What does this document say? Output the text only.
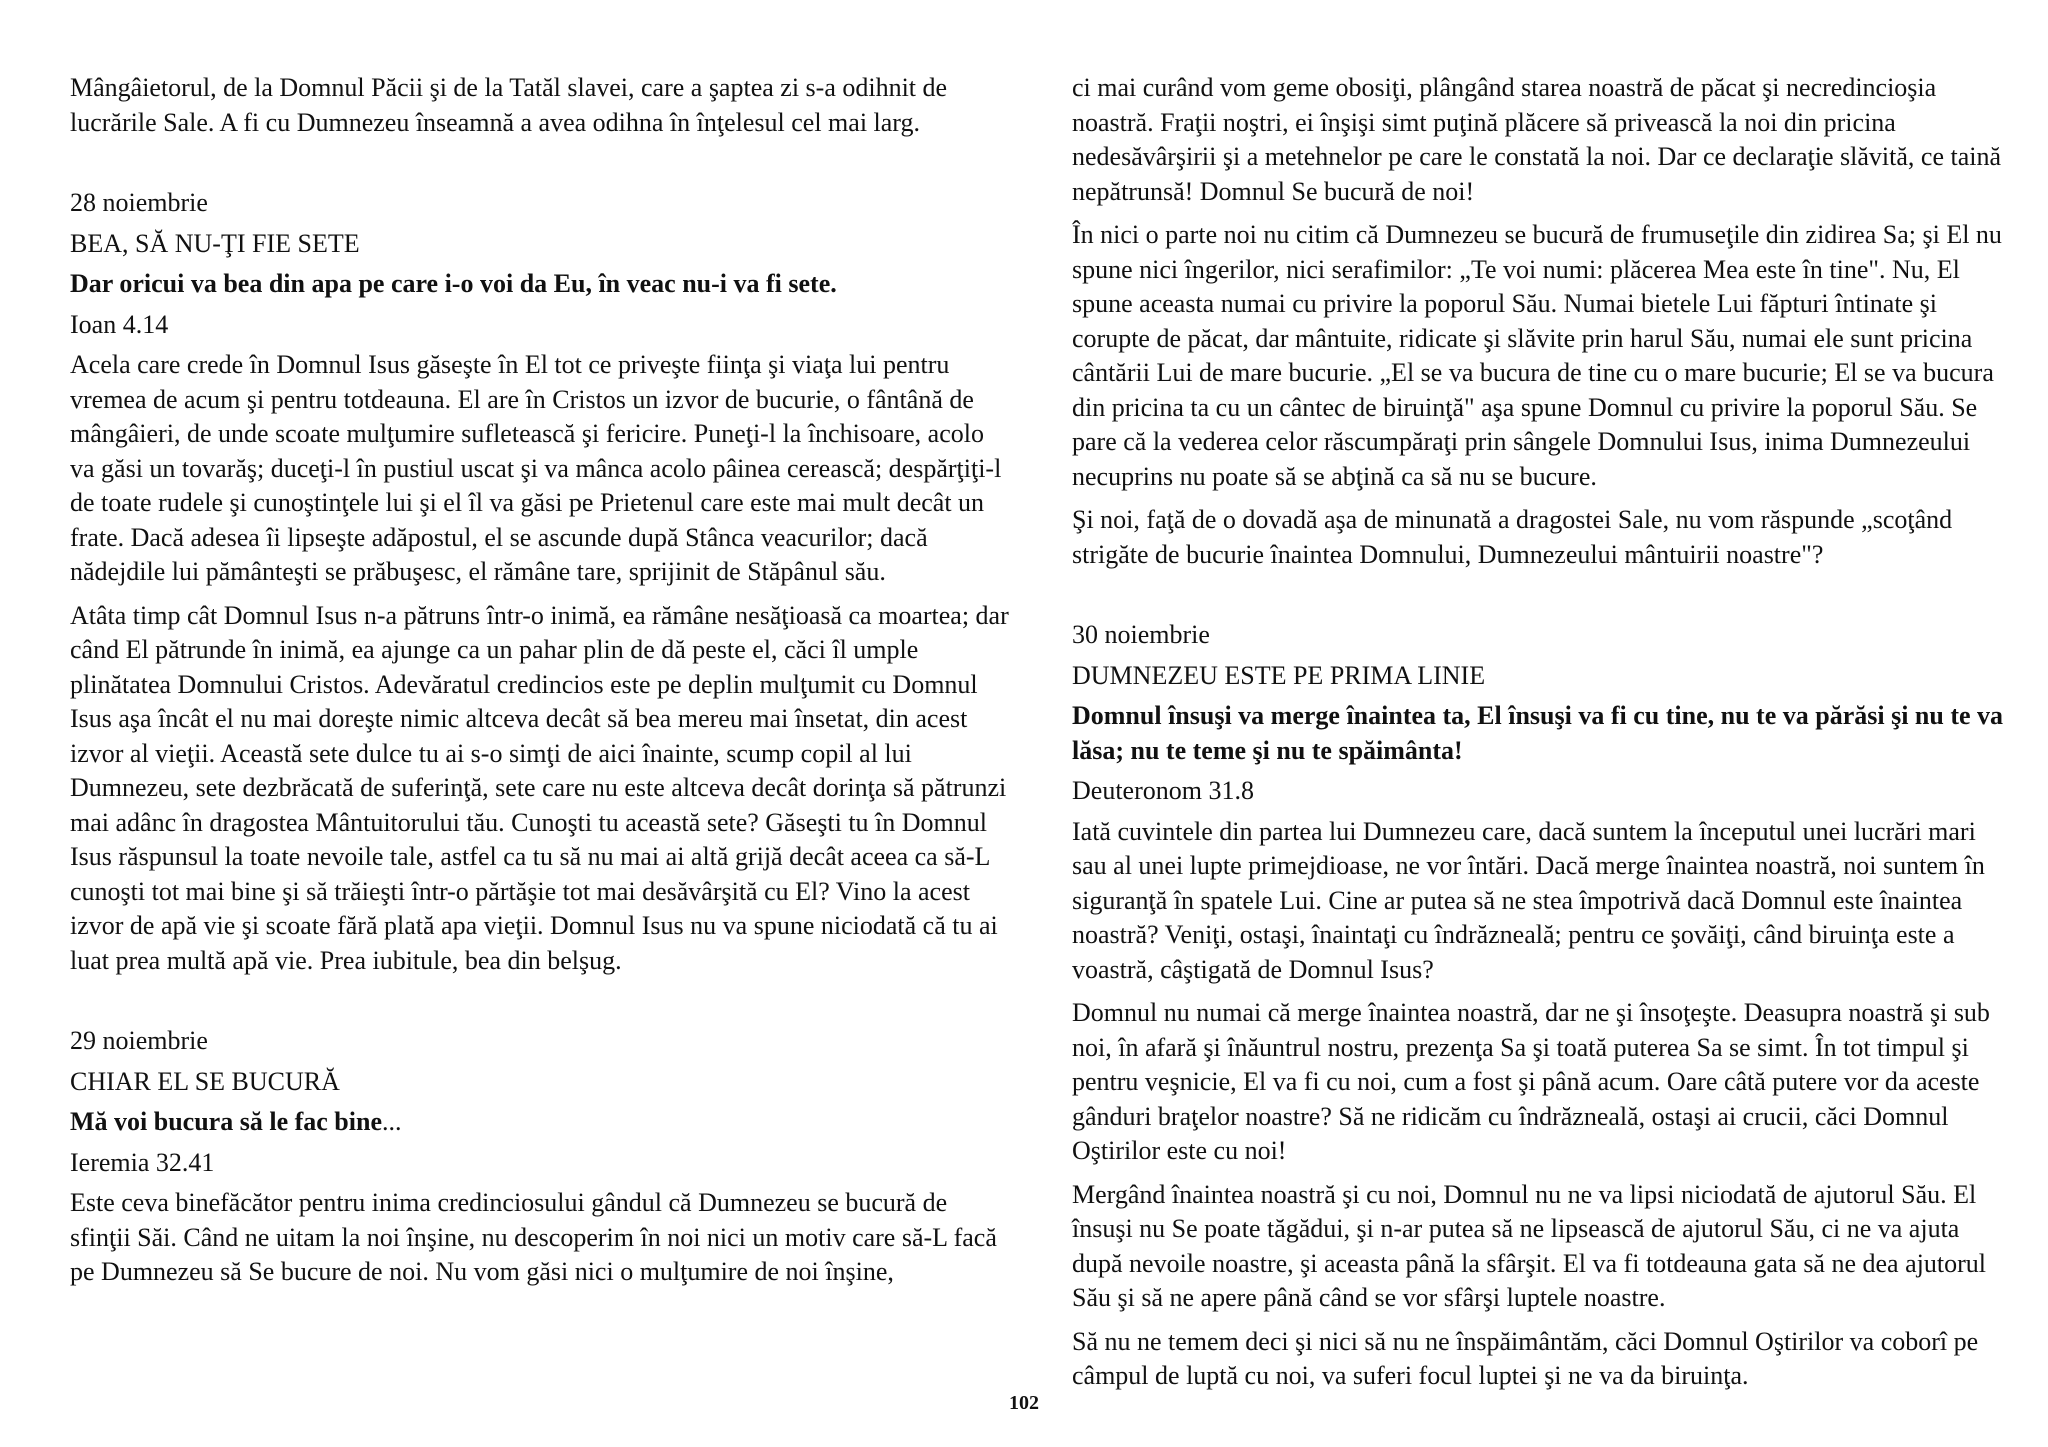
Mângâietorul, de la Domnul Păcii şi de la Tatăl slavei, care a şaptea zi s-a odihnit de lucrările Sale. A fi cu Dumnezeu înseamnă a avea odihna în înţelesul cel mai larg.

28 noiembrie
BEA, SĂ NU-ŢI FIE SETE
Dar oricui va bea din apa pe care i-o voi da Eu, în veac nu-i va fi sete.
Ioan 4.14

Acela care crede în Domnul Isus găseşte în El tot ce priveşte fiinţa şi viaţa lui pentru vremea de acum şi pentru totdeauna. El are în Cristos un izvor de bucurie, o fântână de mângâieri, de unde scoate mulţumire sufletească şi fericire. Puneţi-l la închisoare, acolo va găsi un tovarăş; duceţi-l în pustiul uscat şi va mânca acolo pâinea cerească; despărţiţi-l de toate rudele şi cunoştinţele lui şi el îl va găsi pe Prietenul care este mai mult decât un frate. Dacă adesea îi lipseşte adăpostul, el se ascunde după Stânca veacurilor; dacă nădejdile lui pământeşti se prăbuşesc, el rămâne tare, sprijinit de Stăpânul său.

Atâta timp cât Domnul Isus n-a pătruns într-o inimă, ea rămâne nesăţioasă ca moartea; dar când El pătrunde în inimă, ea ajunge ca un pahar plin de dă peste el, căci îl umple plinătatea Domnului Cristos. Adevăratul credincios este pe deplin mulţumit cu Domnul Isus aşa încât el nu mai doreşte nimic altceva decât să bea mereu mai însetat, din acest izvor al vieţii. Această sete dulce tu ai s-o simţi de aici înainte, scump copil al lui Dumnezeu, sete dezbrăcată de suferinţă, sete care nu este altceva decât dorinţa să pătrunzi mai adânc în dragostea Mântuitorului tău. Cunoşti tu această sete? Găseşti tu în Domnul Isus răspunsul la toate nevoile tale, astfel ca tu să nu mai ai altă grijă decât aceea ca să-L cunoşti tot mai bine şi să trăieşti într-o părtăşie tot mai desăvârşită cu El? Vino la acest izvor de apă vie şi scoate fără plată apa vieţii. Domnul Isus nu va spune niciodată că tu ai luat prea multă apă vie. Prea iubitule, bea din belşug.

29 noiembrie
CHIAR EL SE BUCURĂ
Mă voi bucura să le fac bine...
Ieremia 32.41

Este ceva binefăcător pentru inima credinciosului gândul că Dumnezeu se bucură de sfinţii Săi. Când ne uitam la noi înşine, nu descoperim în noi nici un motiv care să-L facă pe Dumnezeu să Se bucure de noi. Nu vom găsi nici o mulţumire de noi înşine,

ci mai curând vom geme obosiţi, plângând starea noastră de păcat şi necredincioşia noastră. Fraţii noştri, ei înşişi simt puţină plăcere să privească la noi din pricina nedesăvârşirii şi a metehnelor pe care le constată la noi. Dar ce declaraţie slăvită, ce taină nepătrunsă! Domnul Se bucură de noi!

În nici o parte noi nu citim că Dumnezeu se bucură de frumuseţile din zidirea Sa; şi El nu spune nici îngerilor, nici serafimilor: „Te voi numi: plăcerea Mea este în tine". Nu, El spune aceasta numai cu privire la poporul Său. Numai bietele Lui făpturi întinate şi corupte de păcat, dar mântuite, ridicate şi slăvite prin harul Său, numai ele sunt pricina cântării Lui de mare bucurie. „El se va bucura de tine cu o mare bucurie; El se va bucura din pricina ta cu un cântec de biruinţă" aşa spune Domnul cu privire la poporul Său. Se pare că la vederea celor răscumpăraţi prin sângele Domnului Isus, inima Dumnezeului necuprins nu poate să se abţină ca să nu se bucure.

Şi noi, faţă de o dovadă aşa de minunată a dragostei Sale, nu vom răspunde „scoţând strigăte de bucurie înaintea Domnului, Dumnezeului mântuirii noastre"?

30 noiembrie
DUMNEZEU ESTE PE PRIMA LINIE
Domnul însuşi va merge înaintea ta, El însuşi va fi cu tine, nu te va părăsi şi nu te va lăsa; nu te teme şi nu te spăimânta!
Deuteronom 31.8

Iată cuvintele din partea lui Dumnezeu care, dacă suntem la începutul unei lucrări mari sau al unei lupte primejdioase, ne vor întări. Dacă merge înaintea noastră, noi suntem în siguranţă în spatele Lui. Cine ar putea să ne stea împotrivă dacă Domnul este înaintea noastră? Veniţi, ostaşi, înaintaţi cu îndrăzneală; pentru ce şovăiţi, când biruinţa este a voastră, câştigată de Domnul Isus?

Domnul nu numai că merge înaintea noastră, dar ne şi însoţeşte. Deasupra noastră şi sub noi, în afară şi înăuntrul nostru, prezenţa Sa şi toată puterea Sa se simt. În tot timpul şi pentru veşnicie, El va fi cu noi, cum a fost şi până acum. Oare câtă putere vor da aceste gânduri braţelor noastre? Să ne ridicăm cu îndrăzneală, ostaşi ai crucii, căci Domnul Oştirilor este cu noi!

Mergând înaintea noastră şi cu noi, Domnul nu ne va lipsi niciodată de ajutorul Său. El însuşi nu Se poate tăgădui, şi n-ar putea să ne lipsească de ajutorul Său, ci ne va ajuta după nevoile noastre, şi aceasta până la sfârşit. El va fi totdeauna gata să ne dea ajutorul Său şi să ne apere până când se vor sfârşi luptele noastre.

Să nu ne temem deci şi nici să nu ne înspăimântăm, căci Domnul Oştirilor va coborî pe câmpul de luptă cu noi, va suferi focul luptei şi ne va da biruinţa.

102
